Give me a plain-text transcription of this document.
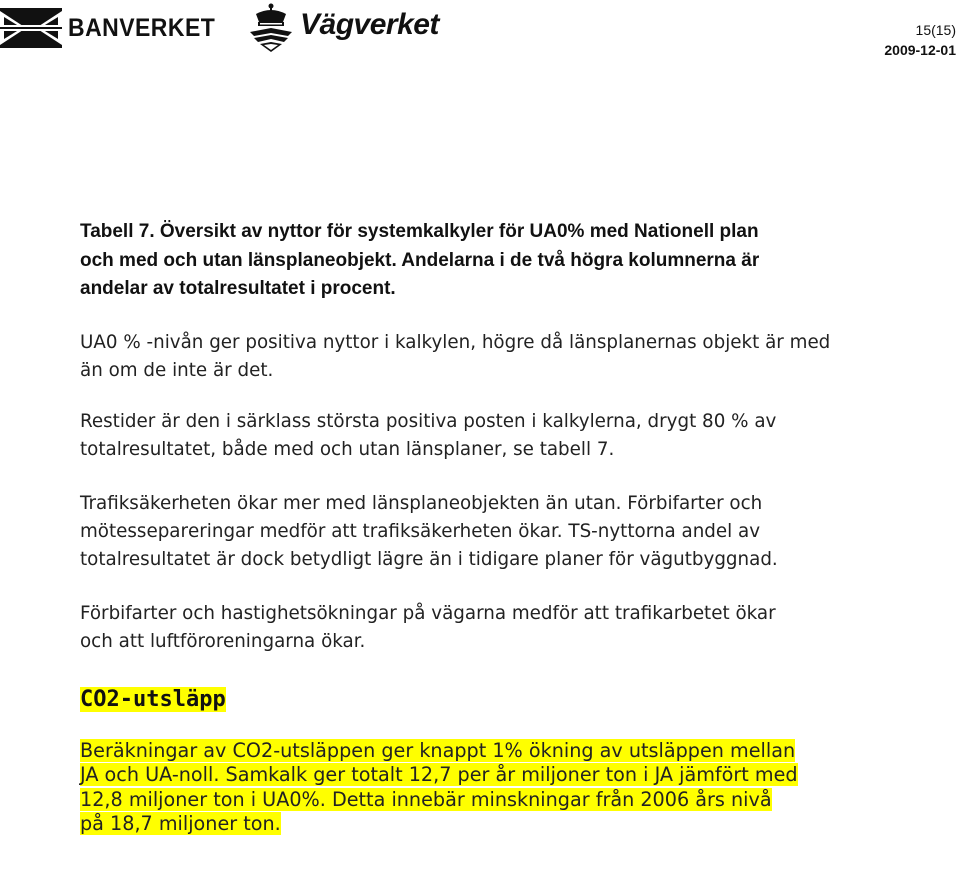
BANVERKET	Vägverket	15(15)
2009-12-01

Tabell 7. Översikt av nyttor för systemkalkyler för UA0% med Nationell plan och med och utan länsplaneobjekt. Andelarna i de två högra kolumnerna är andelar av totalresultatet i procent.

UA0 % -nivån ger positiva nyttor i kalkylen, högre då länsplanernas objekt är med än om de inte är det.

Restider är den i särklass största positiva posten i kalkylerna, drygt 80 % av totalresultatet, både med och utan länsplaner, se tabell 7.

Trafiksäkerheten ökar mer med länsplaneobjekten än utan. Förbifarter och mötesseparеringar medför att trafiksäkerheten ökar. TS-nyttorna andel av totalresultatet är dock betydligt lägre än i tidigare planer för vägutbyggnad.

Förbifarter och hastighetsökningar på vägarna medför att trafikarbetet ökar och att luftföroreningarna ökar.

CO2-utsläpp

Beräkningar av CO2-utsläppen ger knappt 1% ökning av utsläppen mellan JA och UA-noll. Samkalk ger totalt 12,7 per år miljoner ton i JA jämfört med 12,8 miljoner ton i UA0%. Detta innebär minskningar från 2006 års nivå på 18,7 miljoner ton.
